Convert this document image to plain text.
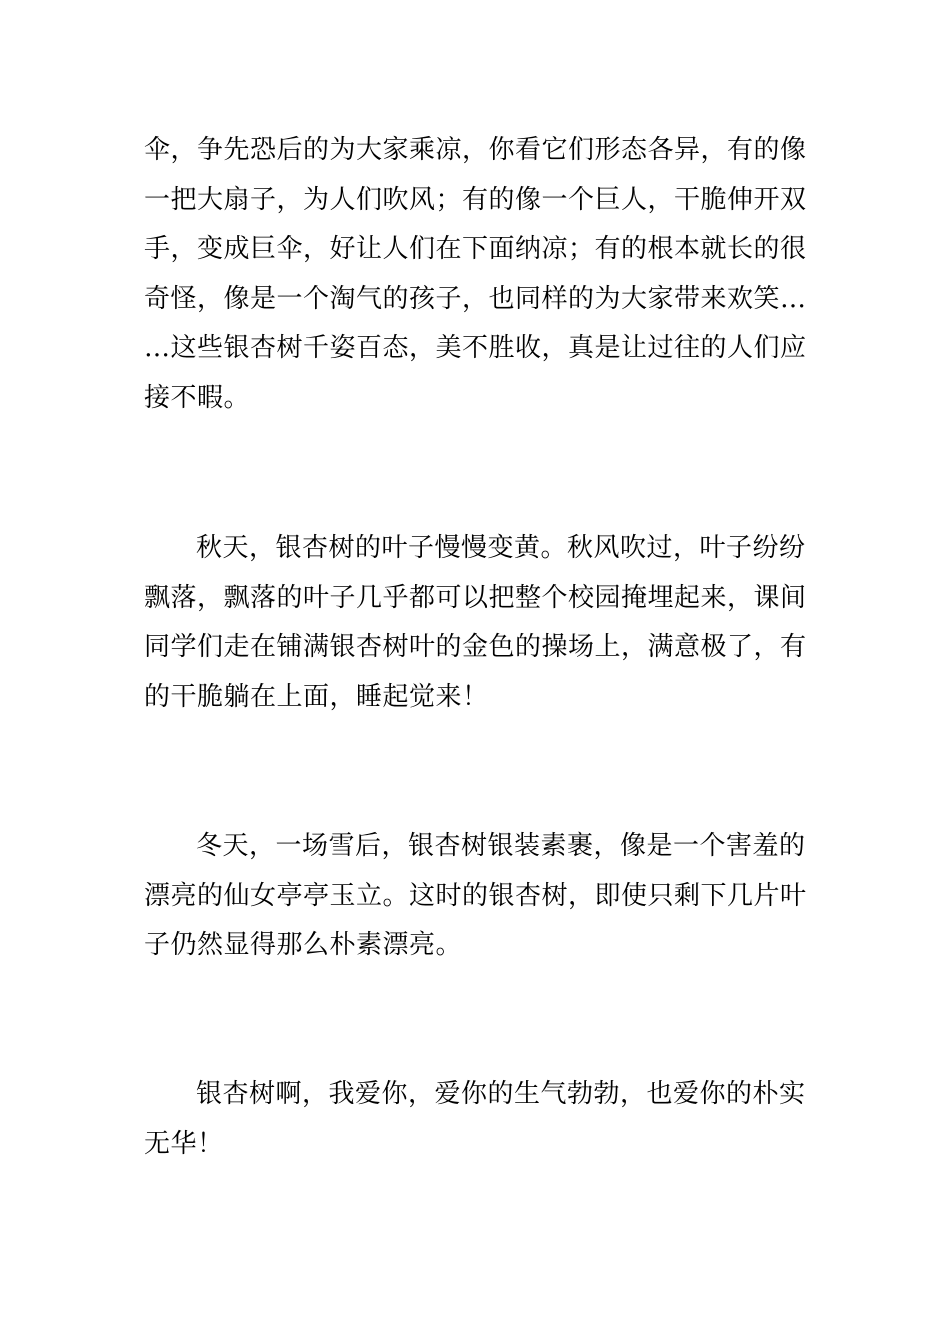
伞，争先恐后的为大家乘凉，你看它们形态各异，有的像
一把大扇子，为人们吹风；有的像一个巨人，干脆伸开双
手，变成巨伞，好让人们在下面纳凉；有的根本就长的很
奇怪，像是一个淘气的孩子，也同样的为大家带来欢笑…
…这些银杏树千姿百态，美不胜收，真是让过往的人们应
接不暇。
秋天，银杏树的叶子慢慢变黄。秋风吹过，叶子纷纷
飘落，飘落的叶子几乎都可以把整个校园掩埋起来，课间
同学们走在铺满银杏树叶的金色的操场上，满意极了，有
的干脆躺在上面，睡起觉来！
冬天，一场雪后，银杏树银装素裹，像是一个害羞的
漂亮的仙女亭亭玉立。这时的银杏树，即使只剩下几片叶
子仍然显得那么朴素漂亮。
银杏树啊，我爱你，爱你的生气勃勃，也爱你的朴实
无华！
